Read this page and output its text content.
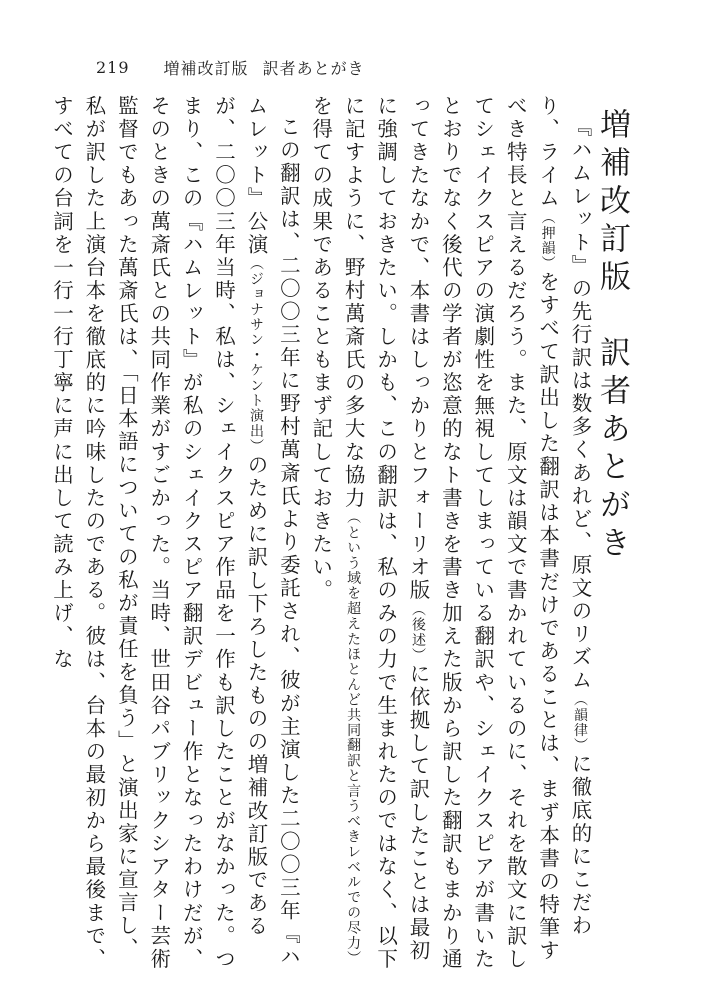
219 増補改訂版 訳者あとがき
増補改訂版訳者あとがき

『ハムレット』の先行訳は数多くあれど、原文のリズム（韻律）に徹底的にこだわり、ライム（押韻）をすべて訳出した翻訳は本書だけであることは、まず本書の特筆すべき特長と言えるだろう。また、原文は韻文で書かれているのに、それを散文に訳してシェイクスピアの演劇性を無視してしまっている翻訳や、シェイクスピアが書いたとおりでなく後代の学者が恣意的なト書きを書き加えた版から訳した翻訳もまかり通ってきたなかで、本書はしっかりとフォーリオ版（後述）に依拠して訳したことは最初に強調しておきたい。しかも、この翻訳は、私のみの力で生まれたのではなく、以下に記すように、野村萬斎氏の多大な協力（という域を超えたほとんど共同翻訳と言うべきレベルでの尽力）を得ての成果であることもまず記しておきたい。

この翻訳は、二〇〇三年に野村萬斎氏より委託され、彼が主演した二〇〇三年『ハムレット』公演（ジョナサン・ケント演出）のために訳し下ろしたものの増補改訂版であるが、二〇〇三年当時、私は、シェイクスピア作品を一作も訳したことがなかった。つまり、この『ハムレット』が私のシェイクスピア翻訳デビュー作となったわけだが、そのときの萬斎氏との共同作業がすごかった。当時、世田谷パブリックシアター芸術監督でもあった萬斎氏は、「日本語についての私が責任を負う」と演出家に宣言し、私が訳した上演台本を徹底的に吟味したのである。彼は、台本の最初から最後まで、すべての台詞を一行一行丁寧に声に出して読み上げ、な
